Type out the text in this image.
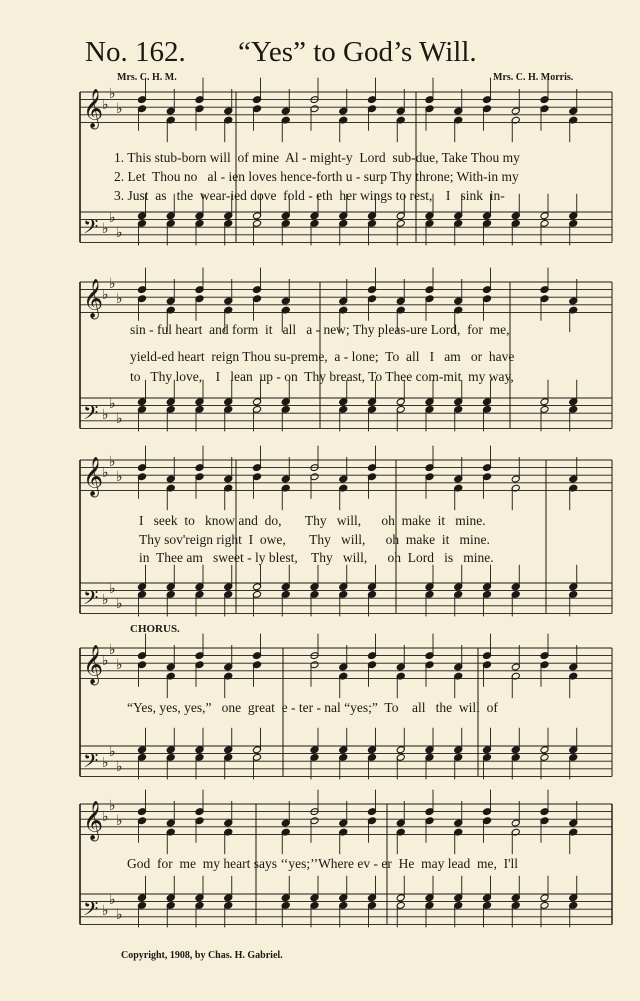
No. 162. “Yes” to God’s Will.
Mrs. C. H. M.	Mrs. C. H. Morris.
𝄞
𝄢
♭
♭
♭
♭
♭
♭
𝄞
𝄢
♭
♭
♭
♭
♭
♭
𝄞
𝄢
♭
♭
♭
♭
♭
♭
𝄞
𝄢
♭
♭
♭
♭
♭
♭
𝄞
𝄢
♭
♭
♭
♭
♭
♭
1. This stub-born will  of mine  Al - might-y  Lord  sub-due, Take Thou my
2. Let  Thou no   al - ien loves hence-forth u - surp Thy throne; With-in my
3. Just  as   the  wear-ied dove  fold - eth  her wings to rest,    I   sink  in-
sin - ful heart  and form  it   all   a - new; Thy pleas-ure Lord,  for  me,
yield-ed heart  reign Thou su-preme,  a - lone;  To  all   I   am   or  have
to   Thy love,    I   lean  up - on  Thy breast, To Thee com-mit  my way,
I   seek  to   know and  do,       Thy   will,      oh  make  it   mine.
Thy sov'reign right  I  owe,       Thy   will,      oh  make  it   mine.
in  Thee am   sweet - ly blest,    Thy   will,      oh  Lord   is   mine.
CHORUS.
“Yes, yes, yes,”   one  great  e - ter - nal “yes;”  To    all   the  will  of
God  for  me  my heart says ‘‘yes;’’Where ev - er  He  may lead  me,  I'll
Copyright, 1908, by Chas. H. Gabriel.
